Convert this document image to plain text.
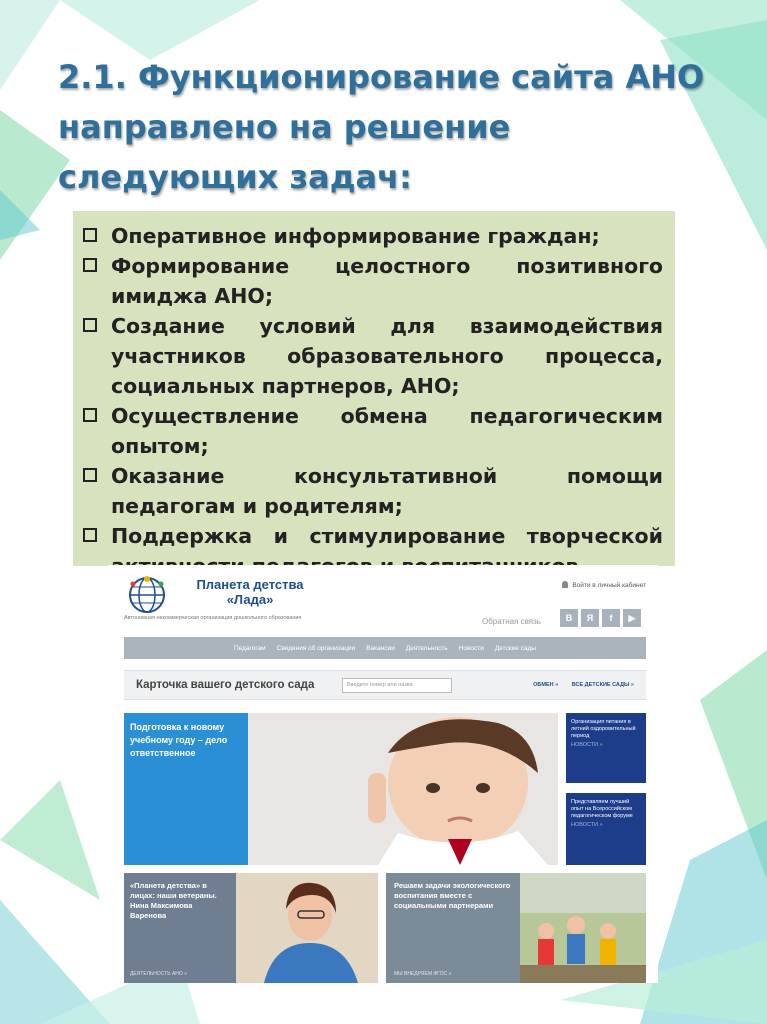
2.1. Функционирование сайта АНО
направлено на решение
следующих задач:
Оперативное информирование граждан;
Формирование целостного позитивного имиджа АНО;
Создание условий для взаимодействия участников образовательного процесса, социальных партнеров, АНО;
Осуществление обмена педагогическим опытом;
Оказание консультативной помощи педагогам и родителям;
Поддержка и стимулирование творческой
Планета детства
«Лада»
Автономная некоммерческая организация дошкольного образования
Войти в личный кабинет
Обратная связь	В	Я	f	▶
Педагогам Сведения об организации Вакансии Деятельность Новости Детские сады
Карточка вашего детского сада	Введите номер или назва	ОБМЕН » ВСЕ ДЕТСКИЕ САДЫ »
Подготовка к новому учебному году – дело ответственное
Организация питания в летний оздоровительный период
НОВОСТИ »
Представляем лучший опыт на Всероссийском педагогическом форуме
НОВОСТИ »
«Планета детства» в лицах: наши ветераны. Нина Максимова Варенова
ДЕЯТЕЛЬНОСТЬ АНО »
Решаем задачи экологического воспитания вместе с социальными партнерами
МЫ ВНЕДРЯЕМ ФГОС »
